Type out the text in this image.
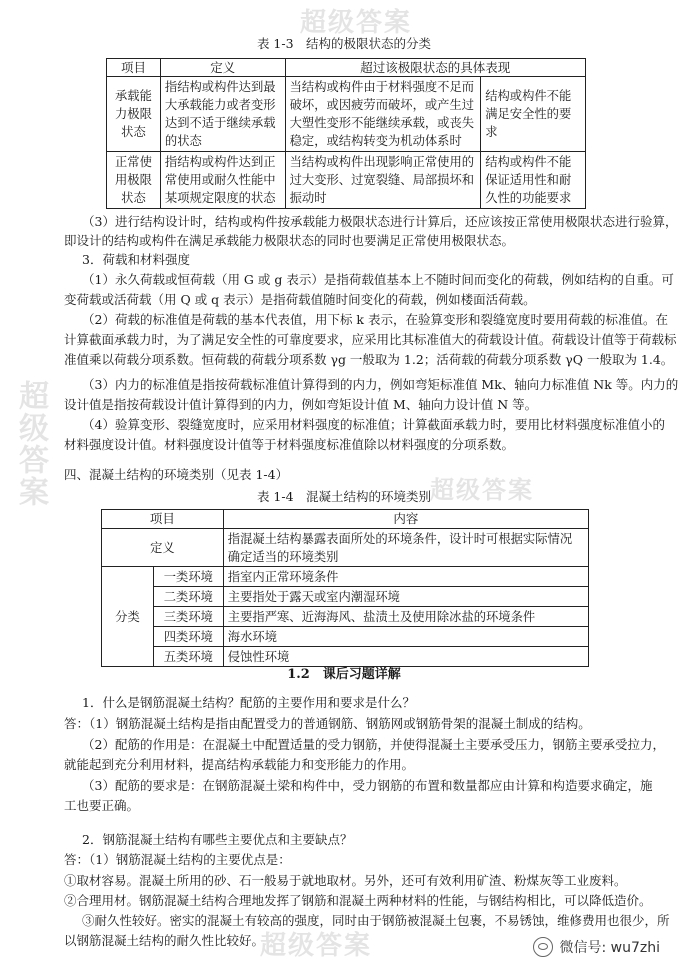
超级答案
超级答案
超级答案
超级答案
表 1-3　结构的极限状态的分类
项目	定义	超过该极限状态的具体表现	
承载能力极限状态	指结构或构件达到最大承载能力或者变形达到不适于继续承载的状态	当结构或构件由于材料强度不足而破坏，或因疲劳而破坏，或产生过大塑性变形不能继续承载，或丧失稳定，或结构转变为机动体系时	结构或构件不能满足安全性的要求
正常使用极限状态	指结构或构件达到正常使用或耐久性能中某项规定限度的状态	当结构或构件出现影响正常使用的过大变形、过宽裂缝、局部损坏和振动时	结构或构件不能保证适用性和耐久性的功能要求
（3）进行结构设计时，结构或构件按承载能力极限状态进行计算后，还应该按正常使用极限状态进行验算，
即设计的结构或构件在满足承载能力极限状态的同时也要满足正常使用极限状态。
3．荷载和材料强度
（1）永久荷载或恒荷载（用 G 或 g 表示）是指荷载值基本上不随时间而变化的荷载，例如结构的自重。可
变荷载或活荷载（用 Q 或 q 表示）是指荷载值随时间变化的荷载，例如楼面活荷载。
（2）荷载的标准值是荷载的基本代表值，用下标 k 表示，在验算变形和裂缝宽度时要用荷载的标准值。在
计算截面承载力时，为了满足安全性的可靠度要求，应采用比其标准值大的荷载设计值。荷载设计值等于荷载标
准值乘以荷载分项系数。恒荷载的荷载分项系数 γg 一般取为 1.2；活荷载的荷载分项系数 γQ 一般取为 1.4。
（3）内力的标准值是指按荷载标准值计算得到的内力，例如弯矩标准值 Mk、轴向力标准值 Nk 等。内力的
设计值是指按荷载设计值计算得到的内力，例如弯矩设计值 M、轴向力设计值 N 等。
（4）验算变形、裂缝宽度时，应采用材料强度的标准值；计算截面承载力时，要用比材料强度标准值小的
材料强度设计值。材料强度设计值等于材料强度标准值除以材料强度的分项系数。
四、混凝土结构的环境类别（见表 1-4）
表 1-4　混凝土结构的环境类别
项目		内容
定义		指混凝土结构暴露表面所处的环境条件，设计时可根据实际情况确定适当的环境类别
分类	一类环境	指室内正常环境条件
	二类环境	主要指处于露天或室内潮湿环境
	三类环境	主要指严寒、近海海风、盐渍土及使用除冰盐的环境条件
	四类环境	海水环境
	五类环境	侵蚀性环境
1.2　课后习题详解
1．什么是钢筋混凝土结构？配筋的主要作用和要求是什么？
答：（1）钢筋混凝土结构是指由配置受力的普通钢筋、钢筋网或钢筋骨架的混凝土制成的结构。
（2）配筋的作用是：在混凝土中配置适量的受力钢筋，并使得混凝土主要承受压力，钢筋主要承受拉力，
就能起到充分利用材料，提高结构承载能力和变形能力的作用。
（3）配筋的要求是：在钢筋混凝土梁和构件中，受力钢筋的布置和数量都应由计算和构造要求确定，施
工也要正确。
2．钢筋混凝土结构有哪些主要优点和主要缺点？
答：（1）钢筋混凝土结构的主要优点是：
①取材容易。混凝土所用的砂、石一般易于就地取材。另外，还可有效利用矿渣、粉煤灰等工业废料。
②合理用材。钢筋混凝土结构合理地发挥了钢筋和混凝土两种材料的性能，与钢结构相比，可以降低造价。
③耐久性较好。密实的混凝土有较高的强度，同时由于钢筋被混凝土包裹，不易锈蚀，维修费用也很少，所
以钢筋混凝土结构的耐久性比较好。	微信号: wu7zhi
